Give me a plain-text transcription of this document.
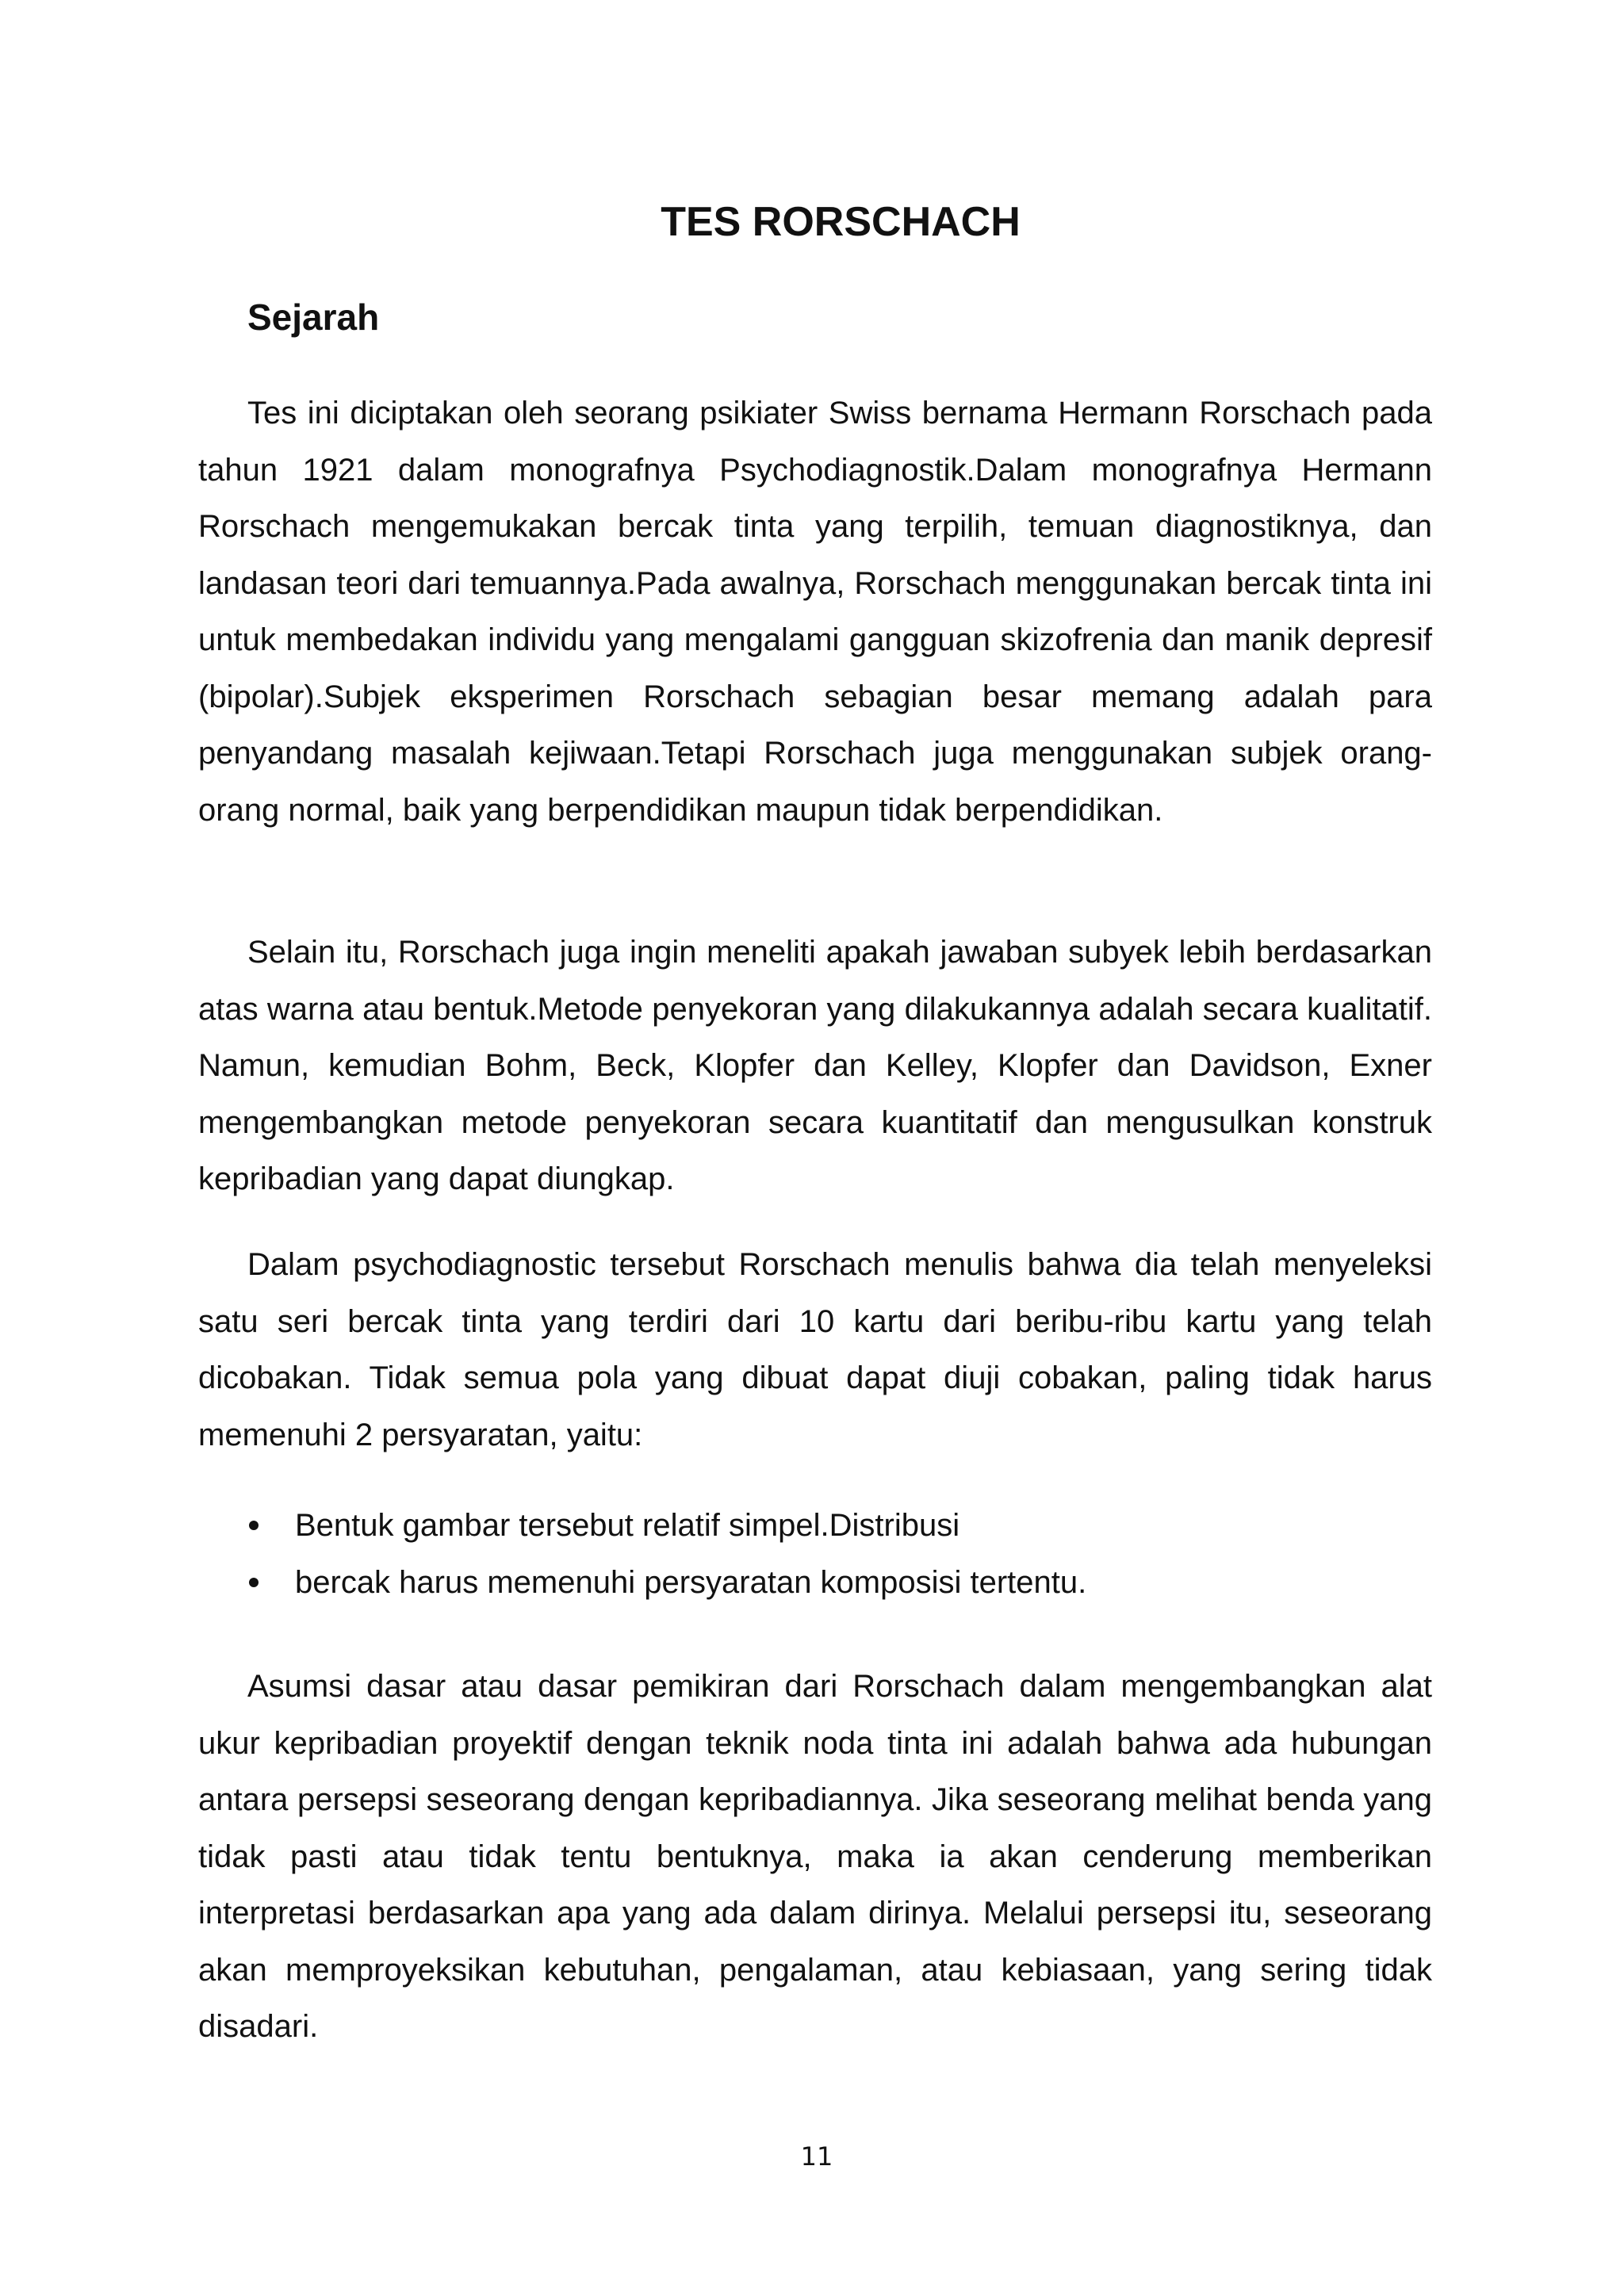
TES RORSCHACH
Sejarah

Tes ini diciptakan oleh seorang psikiater Swiss bernama Hermann Rorschach pada tahun 1921 dalam monografnya Psychodiagnostik.Dalam monografnya Hermann Rorschach mengemukakan bercak tinta yang terpilih, temuan diagnostiknya, dan landasan teori dari temuannya.Pada awalnya, Rorschach menggunakan bercak tinta ini untuk membedakan individu yang mengalami gangguan skizofrenia dan manik depresif (bipolar).Subjek eksperimen Rorschach sebagian besar memang adalah para penyandang masalah kejiwaan.Tetapi Rorschach juga menggunakan subjek orang-orang normal, baik yang berpendidikan maupun tidak berpendidikan.

Selain itu, Rorschach juga ingin meneliti apakah jawaban subyek lebih berdasarkan atas warna atau bentuk.Metode penyekoran yang dilakukannya adalah secara kualitatif. Namun, kemudian Bohm, Beck, Klopfer dan Kelley, Klopfer dan Davidson, Exner mengembangkan metode penyekoran secara kuantitatif dan mengusulkan konstruk kepribadian yang dapat diungkap.

Dalam psychodiagnostic tersebut Rorschach menulis bahwa dia telah menyeleksi satu seri bercak tinta yang terdiri dari 10 kartu dari beribu-ribu kartu yang telah dicobakan. Tidak semua pola yang dibuat dapat diuji cobakan, paling tidak harus memenuhi 2 persyaratan, yaitu:

Bentuk gambar tersebut relatif simpel.Distribusi
bercak harus memenuhi persyaratan komposisi tertentu.

Asumsi dasar atau dasar pemikiran dari Rorschach dalam mengembangkan alat ukur kepribadian proyektif dengan teknik noda tinta ini adalah bahwa ada hubungan antara persepsi seseorang dengan kepribadiannya. Jika seseorang melihat benda yang tidak pasti atau tidak tentu bentuknya, maka ia akan cenderung memberikan interpretasi berdasarkan apa yang ada dalam dirinya. Melalui persepsi itu, seseorang akan memproyeksikan kebutuhan, pengalaman, atau kebiasaan, yang sering tidak disadari.

11
